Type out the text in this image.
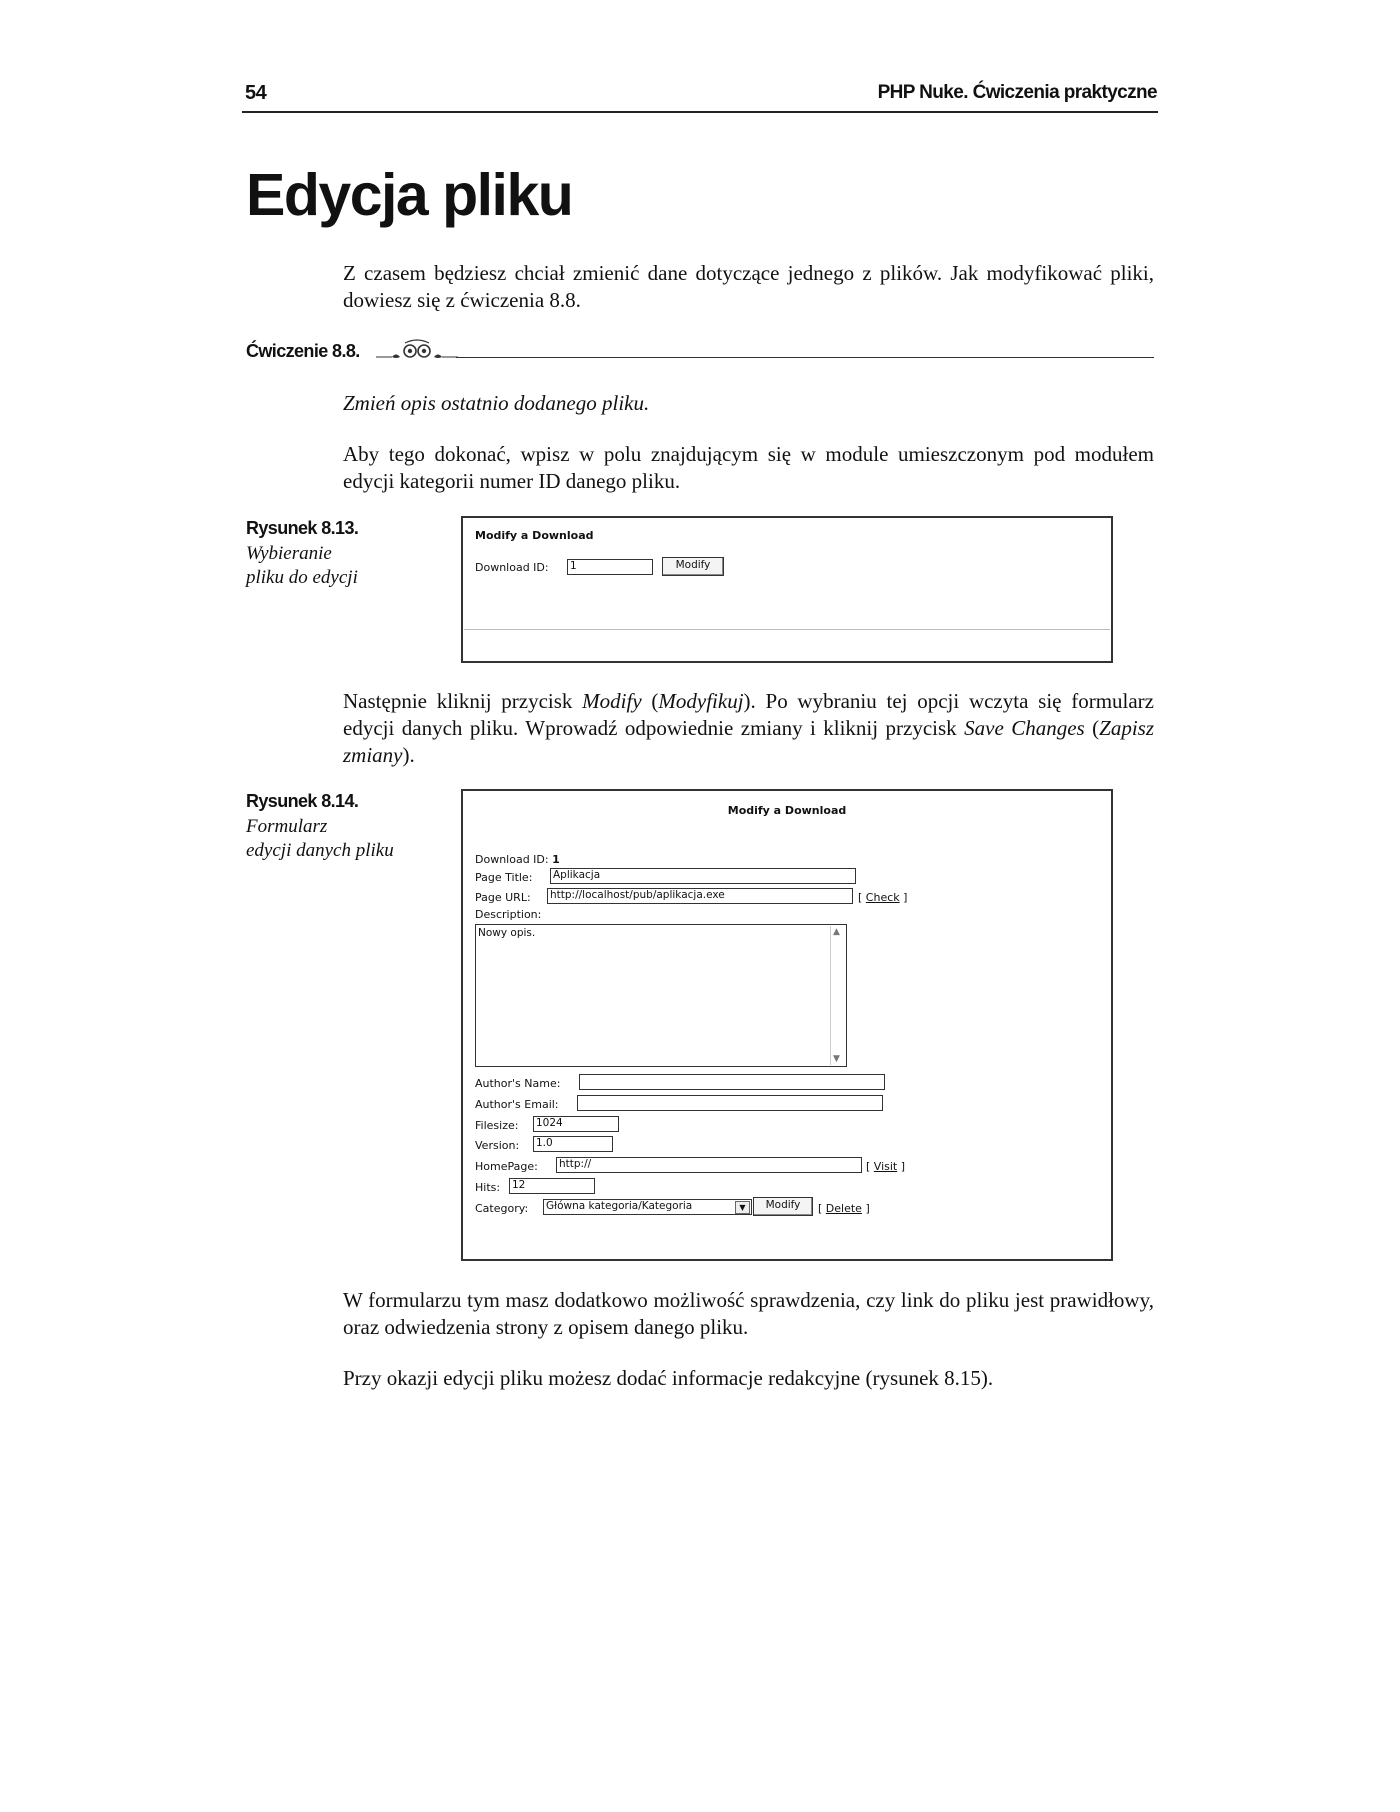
54	PHP Nuke. Ćwiczenia praktyczne
Edycja pliku
Z czasem będziesz chciał zmienić dane dotyczące jednego z plików. Jak modyfikować pliki, dowiesz się z ćwiczenia 8.8.
Ćwiczenie 8.8.
Zmień opis ostatnio dodanego pliku.
Aby tego dokonać, wpisz w polu znajdującym się w module umieszczonym pod modułem edycji kategorii numer ID danego pliku.
Rysunek 8.13.
Wybieranie
pliku do edycji
Modify a Download
Download ID: 1	Modify
Następnie kliknij przycisk Modify (Modyfikuj). Po wybraniu tej opcji wczyta się formularz edycji danych pliku. Wprowadź odpowiednie zmiany i kliknij przycisk Save Changes (Zapisz zmiany).
Rysunek 8.14.
Formularz
edycji danych pliku
Modify a Download
Download ID: 1
Page Title: Aplikacja
Page URL: http://localhost/pub/aplikacja.exe	[ Check ]
Description:
Nowy opis.	▲
▼
Author's Name:
Author's Email:
Filesize: 1024
Version: 1.0
HomePage: http://	[ Visit ]
Hits: 12
Category: Główna kategoria/Kategoria	▼	Modify	[ Delete ]
W formularzu tym masz dodatkowo możliwość sprawdzenia, czy link do pliku jest prawidłowy, oraz odwiedzenia strony z opisem danego pliku.
Przy okazji edycji pliku możesz dodać informacje redakcyjne (rysunek 8.15).
